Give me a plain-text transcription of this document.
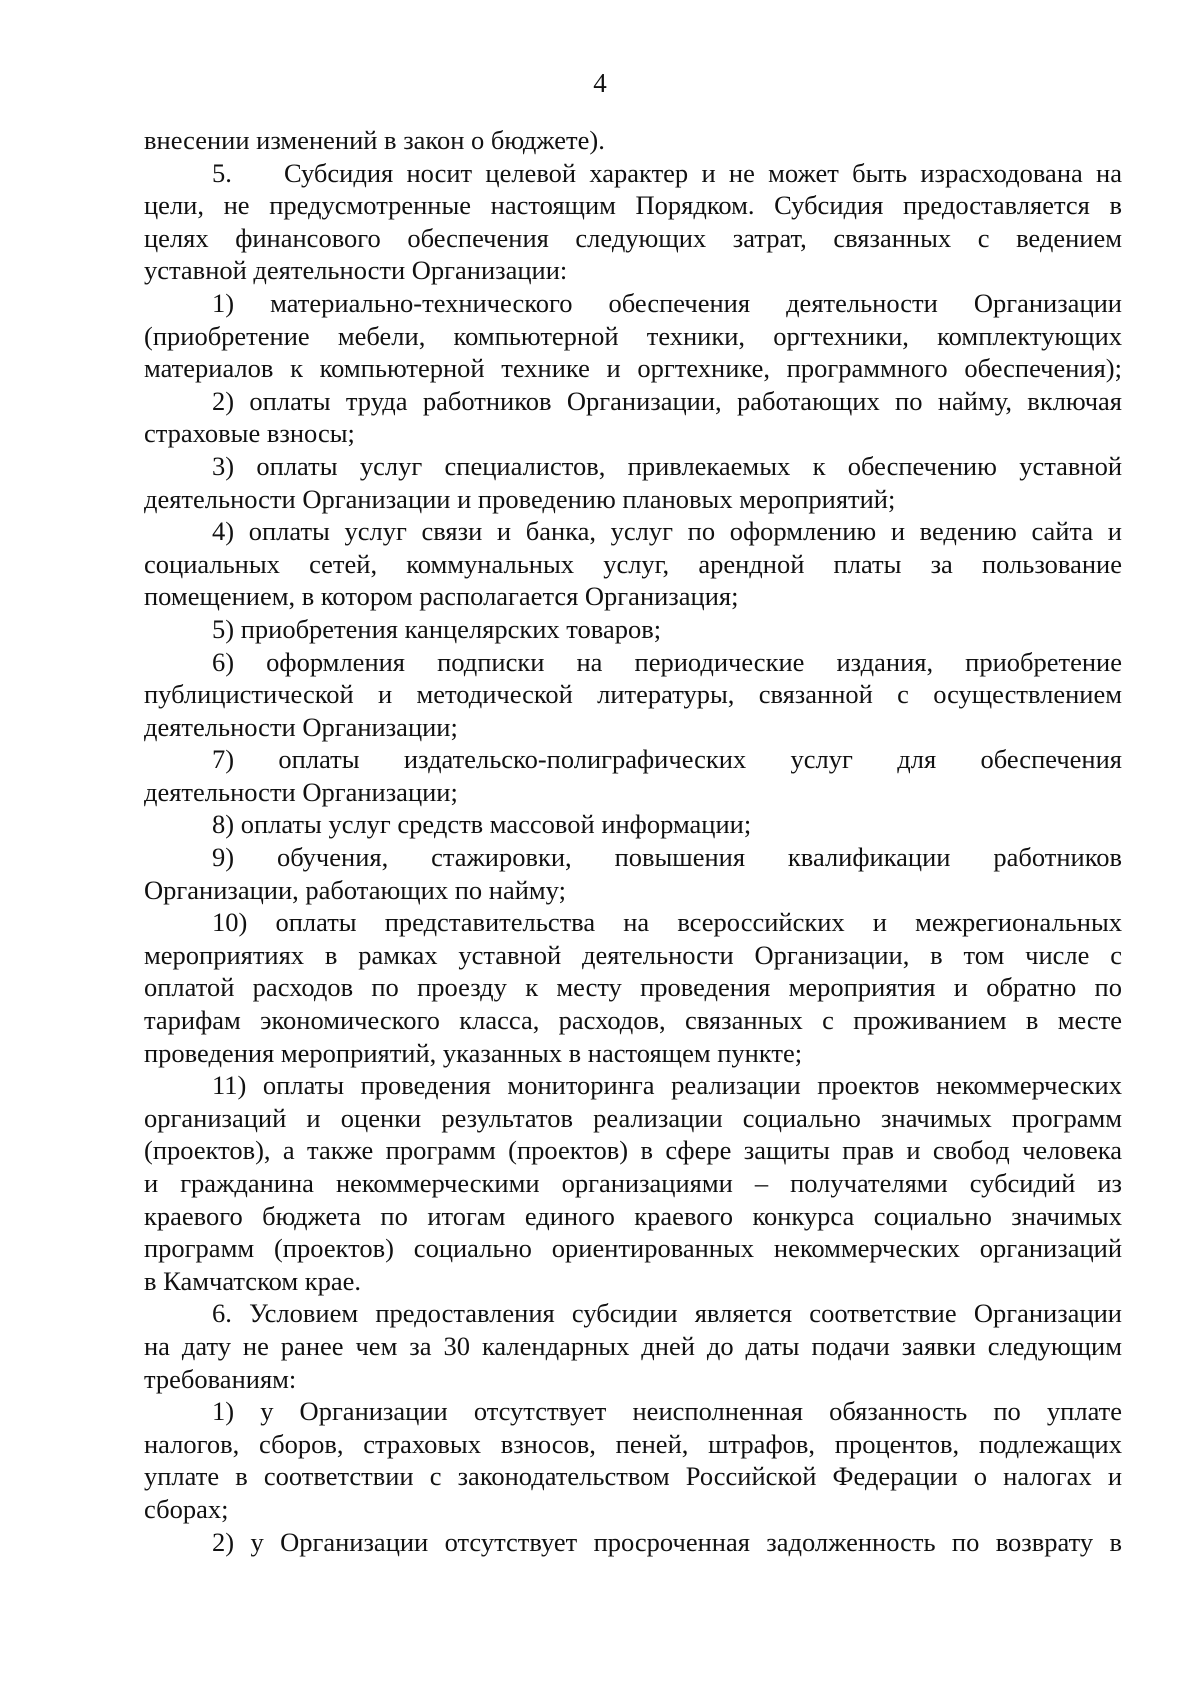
4
внесении изменений в закон о бюджете).
5.	Субсидия носит целевой характер и не может быть израсходована на
цели, не предусмотренные настоящим Порядком. Субсидия предоставляется в
целях финансового обеспечения следующих затрат, связанных с ведением
уставной деятельности Организации:
1) материально-технического обеспечения деятельности Организации
(приобретение мебели, компьютерной техники, оргтехники, комплектующих
материалов к компьютерной технике и оргтехнике, программного обеспечения);
2) оплаты труда работников Организации, работающих по найму, включая
страховые взносы;
3) оплаты услуг специалистов, привлекаемых к обеспечению уставной
деятельности Организации и проведению плановых мероприятий;
4) оплаты услуг связи и банка, услуг по оформлению и ведению сайта и
социальных сетей, коммунальных услуг, арендной платы за пользование
помещением, в котором располагается Организация;
5) приобретения канцелярских товаров;
6) оформления подписки на периодические издания, приобретение
публицистической и методической литературы, связанной с осуществлением
деятельности Организации;
7) оплаты издательско-полиграфических услуг для обеспечения
деятельности Организации;
8) оплаты услуг средств массовой информации;
9) обучения, стажировки, повышения квалификации работников
Организации, работающих по найму;
10) оплаты представительства на всероссийских и межрегиональных
мероприятиях в рамках уставной деятельности Организации, в том числе с
оплатой расходов по проезду к месту проведения мероприятия и обратно по
тарифам экономического класса, расходов, связанных с проживанием в месте
проведения мероприятий, указанных в настоящем пункте;
11) оплаты проведения мониторинга реализации проектов некоммерческих
организаций и оценки результатов реализации социально значимых программ
(проектов), а также программ (проектов) в сфере защиты прав и свобод человека
и гражданина некоммерческими организациями – получателями субсидий из
краевого бюджета по итогам единого краевого конкурса социально значимых
программ (проектов) социально ориентированных некоммерческих организаций
в Камчатском крае.
6. Условием предоставления субсидии является соответствие Организации
на дату не ранее чем за 30 календарных дней до даты подачи заявки следующим
требованиям:
1) у Организации отсутствует неисполненная обязанность по уплате
налогов, сборов, страховых взносов, пеней, штрафов, процентов, подлежащих
уплате в соответствии с законодательством Российской Федерации о налогах и
сборах;
2) у Организации отсутствует просроченная задолженность по возврату в
